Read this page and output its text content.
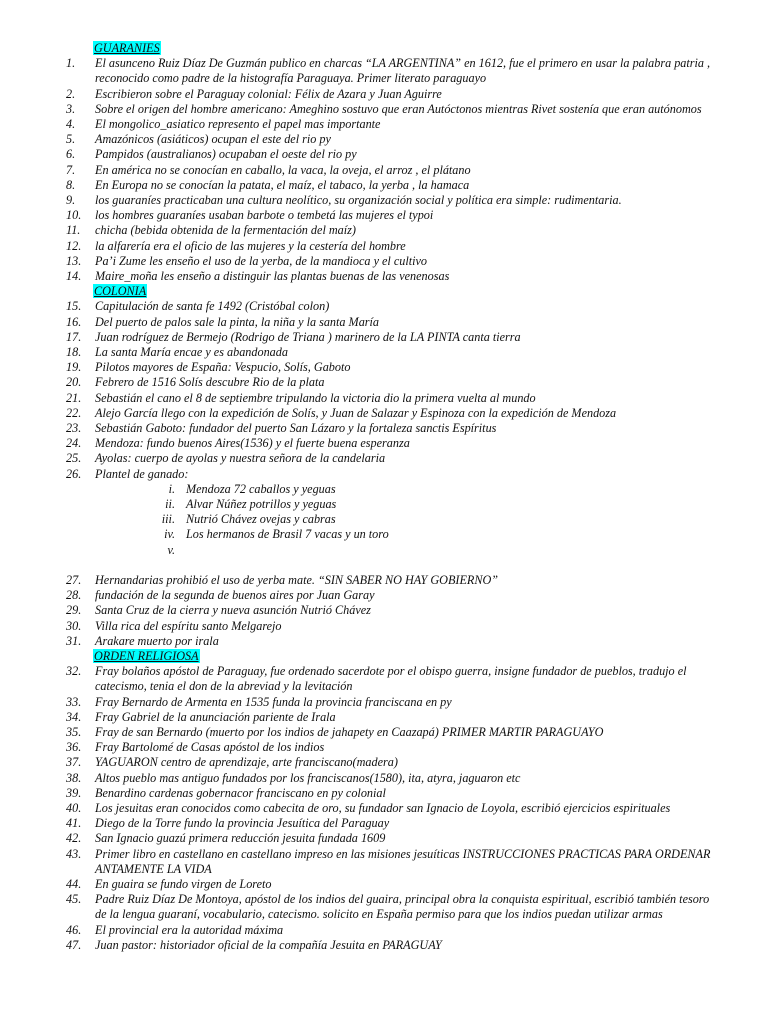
GUARANIES
1. El asunceno Ruiz Díaz De Guzmán publico en charcas “LA ARGENTINA” en 1612, fue el primero en usar la palabra patria , reconocido como padre de la histografía Paraguaya. Primer literato paraguayo
2. Escribieron sobre el Paraguay colonial: Félix de Azara y Juan Aguirre
3. Sobre el origen del hombre americano: Ameghino sostuvo que eran Autóctonos mientras Rivet sostenía que eran autónomos
4. El mongolico_asiatico represento el papel mas importante
5. Amazónicos (asiáticos) ocupan el este del rio py
6. Pampidos (australianos) ocupaban el oeste del rio py
7. En américa no se conocían en caballo, la vaca, la oveja, el arroz , el plátano
8. En Europa no se conocían la patata, el maíz, el tabaco, la yerba , la hamaca
9. los guaraníes practicaban una cultura neolítico, su organización social y política era simple: rudimentaria.
10. los hombres guaraníes usaban barbote o tembetá las mujeres el typoi
11. chicha (bebida obtenida de la fermentación del maíz)
12. la alfarería era el oficio de las mujeres y la cestería del hombre
13. Pa’i Zume les enseño el uso de la yerba, de la mandioca y el cultivo
14. Maire_moña les enseño a distinguir las plantas buenas de las venenosas
COLONIA
15. Capitulación de santa fe 1492 (Cristóbal colon)
16. Del puerto de palos sale la pinta, la niña y la santa María
17. Juan rodríguez de Bermejo (Rodrigo de Triana ) marinero de la LA PINTA canta tierra
18. La santa María encae y es abandonada
19. Pilotos mayores de España: Vespucio, Solís, Gaboto
20. Febrero de 1516 Solís descubre Rio de la plata
21. Sebastián el cano el 8 de septiembre tripulando la victoria dio la primera vuelta al mundo
22. Alejo García llego con la expedición de Solís, y Juan de Salazar y Espinoza con la expedición de Mendoza
23. Sebastián Gaboto: fundador del puerto San Lázaro y la fortaleza sanctis Espíritus
24. Mendoza: fundo buenos Aires(1536) y el fuerte buena esperanza
25. Ayolas: cuerpo de ayolas y nuestra señora de la candelaria
26. Plantel de ganado:
i. Mendoza 72 caballos y yeguas
ii. Alvar Núñez potrillos y yeguas
iii. Nutrió Chávez ovejas y cabras
iv. Los hermanos de Brasil 7 vacas y un toro
v.
27. Hernandarias prohibió el uso de yerba mate. “SIN SABER NO HAY GOBIERNO”
28. fundación de la segunda de buenos aires por Juan Garay
29. Santa Cruz de la cierra y nueva asunción Nutrió Chávez
30. Villa rica del espíritu santo Melgarejo
31. Arakare muerto por irala
ORDEN RELIGIOSA
32. Fray bolaños apóstol de Paraguay, fue ordenado sacerdote por el obispo guerra, insigne fundador de pueblos, tradujo el catecismo, tenia el don de la abreviad y la levitación
33. Fray Bernardo de Armenta en 1535 funda la provincia franciscana en py
34. Fray Gabriel de la anunciación pariente de Irala
35. Fray de san Bernardo (muerto por los indios de jahapety en Caazapá) PRIMER MARTIR PARAGUAYO
36. Fray Bartolomé de Casas apóstol de los indios
37. YAGUARON centro de aprendizaje, arte franciscano(madera)
38. Altos pueblo mas antiguo fundados por los franciscanos(1580), ita, atyra, jaguaron etc
39. Benardino cardenas gobernacor franciscano en py colonial
40. Los jesuitas eran conocidos como cabecita de oro, su fundador san Ignacio de Loyola, escribió ejercicios espirituales
41. Diego de la Torre fundo la provincia Jesuítica del Paraguay
42. San Ignacio guazú primera reducción jesuita fundada 1609
43. Primer libro en castellano en castellano impreso en las misiones jesuíticas INSTRUCCIONES PRACTICAS PARA ORDENAR ANTAMENTE LA VIDA
44. En guaira se fundo virgen de Loreto
45. Padre Ruiz Díaz De Montoya, apóstol de los indios del guaira, principal obra la conquista espiritual, escribió también tesoro de la lengua guaraní, vocabulario, catecismo. solicito en España permiso para que los indios puedan utilizar armas
46. El provincial era la autoridad máxima
47. Juan pastor: historiador oficial de la compañía Jesuita en PARAGUAY
